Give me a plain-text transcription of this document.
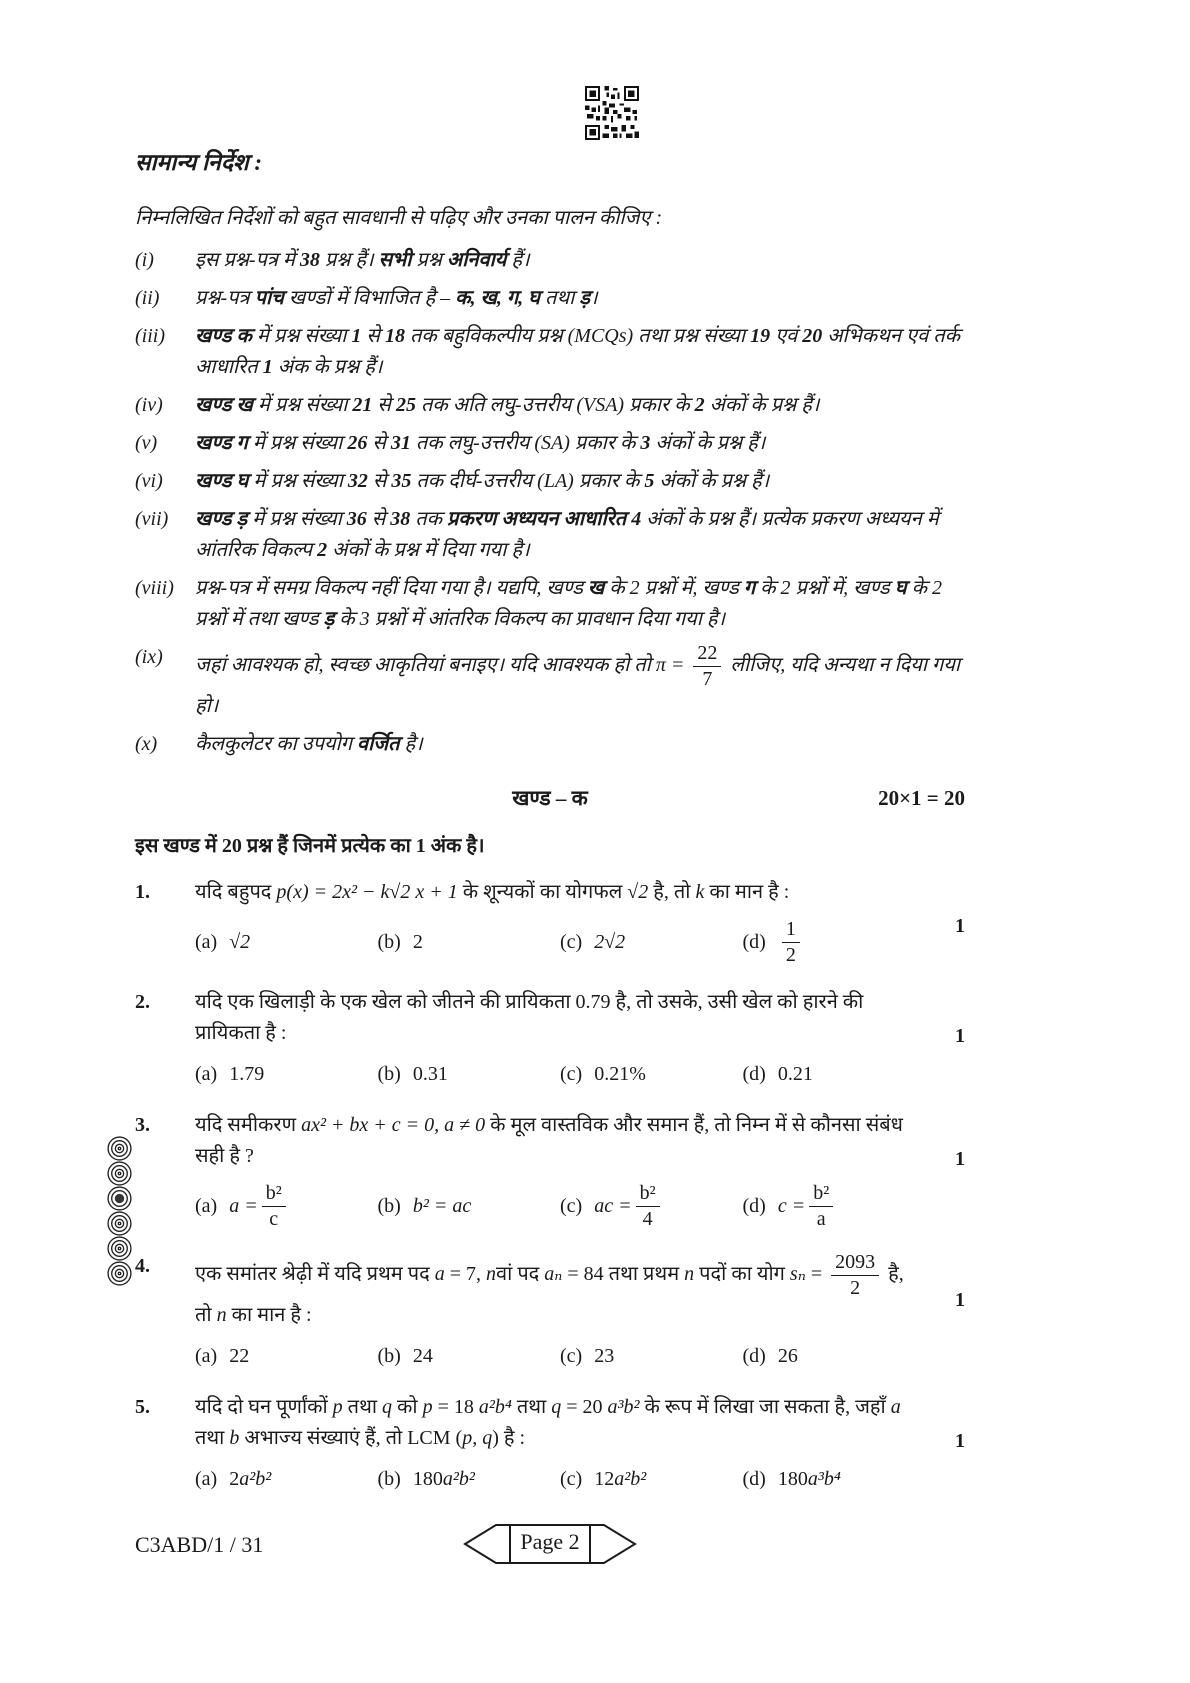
सामान्य निर्देश :

निम्नलिखित निर्देशों को बहुत सावधानी से पढ़िए और उनका पालन कीजिए :

(i)	इस प्रश्न-पत्र में 38 प्रश्न हैं। सभी प्रश्न अनिवार्य हैं।
(ii)	प्रश्न-पत्र पांच खण्डों में विभाजित है – क, ख, ग, घ तथा ड़।
(iii)	खण्ड क में प्रश्न संख्या 1 से 18 तक बहुविकल्पीय प्रश्न (MCQs) तथा प्रश्न संख्या 19 एवं 20 अभिकथन एवं तर्क आधारित 1 अंक के प्रश्न हैं।
(iv)	खण्ड ख में प्रश्न संख्या 21 से 25 तक अति लघु-उत्तरीय (VSA) प्रकार के 2 अंकों के प्रश्न हैं।
(v)	खण्ड ग में प्रश्न संख्या 26 से 31 तक लघु-उत्तरीय (SA) प्रकार के 3 अंकों के प्रश्न हैं।
(vi)	खण्ड घ में प्रश्न संख्या 32 से 35 तक दीर्घ-उत्तरीय (LA) प्रकार के 5 अंकों के प्रश्न हैं।
(vii)	खण्ड ड़ में प्रश्न संख्या 36 से 38 तक प्रकरण अध्ययन आधारित 4 अंकों के प्रश्न हैं। प्रत्येक प्रकरण अध्ययन में आंतरिक विकल्प 2 अंकों के प्रश्न में दिया गया है।
(viii)	प्रश्न-पत्र में समग्र विकल्प नहीं दिया गया है। यद्यपि, खण्ड ख के 2 प्रश्नों में, खण्ड ग के 2 प्रश्नों में, खण्ड घ के 2 प्रश्नों में तथा खण्ड ड़ के 3 प्रश्नों में आंतरिक विकल्प का प्रावधान दिया गया है।
(ix)	जहां आवश्यक हो, स्वच्छ आकृतियां बनाइए। यदि आवश्यक हो तो $\pi = \frac{22}{7}$ लीजिए, यदि अन्यथा न दिया गया हो।
(x)	कैलकुलेटर का उपयोग वर्जित है।
खण्ड – क	20×1 = 20

इस खण्ड में 20 प्रश्न हैं जिनमें प्रत्येक का 1 अंक है।

1.	यदि बहुपद p(x) = 2x² − k√2 x + 1 के शून्यकों का योगफल √2 है, तो k का मान है :
(a) √2	(b) 2	(c) 2√2	$(d) \frac{1}{2}$	1
2.	यदि एक खिलाड़ी के एक खेल को जीतने की प्रायिकता 0.79 है, तो उसके, उसी खेल को हारने की प्रायिकता है :
(a) 1.79	(b) 0.31	(c) 0.21%	(d) 0.21
1
3.	यदि समीकरण ax² + bx + c = 0, a ≠ 0 के मूल वास्तविक और समान हैं, तो निम्न में से कौनसा संबंध सही है ?
(a) $a = \frac{\text{b²}}{c}$	(b) b² = ac	(c) ac = $\frac{\text{b²}}{4}$	(d) $c = \frac{\text{b²}}{a}$
1
4.	एक समांतर श्रेढ़ी में यदि प्रथम पद a = 7, nवां पद aₙ = 84 तथा प्रथम n पदों का योग $s_n = \frac{2093}{2}$ है, तो n का मान है :
(a) 22	(b) 24	(c) 23	(d) 26
1
5.	यदि दो घन पूर्णांकों p तथा q को p = 18 a²b⁴ तथा q = 20 a³b² के रूप में लिखा जा सकता है, जहाँ a तथा b अभाज्य संख्याएं हैं, तो LCM (p, q) है :
(a) 2 a²b²	(b) 180 a²b²	(c) 12 a²b²	(d) 180 a³b⁴
1
C3ABD/1 / 31	Page 2
